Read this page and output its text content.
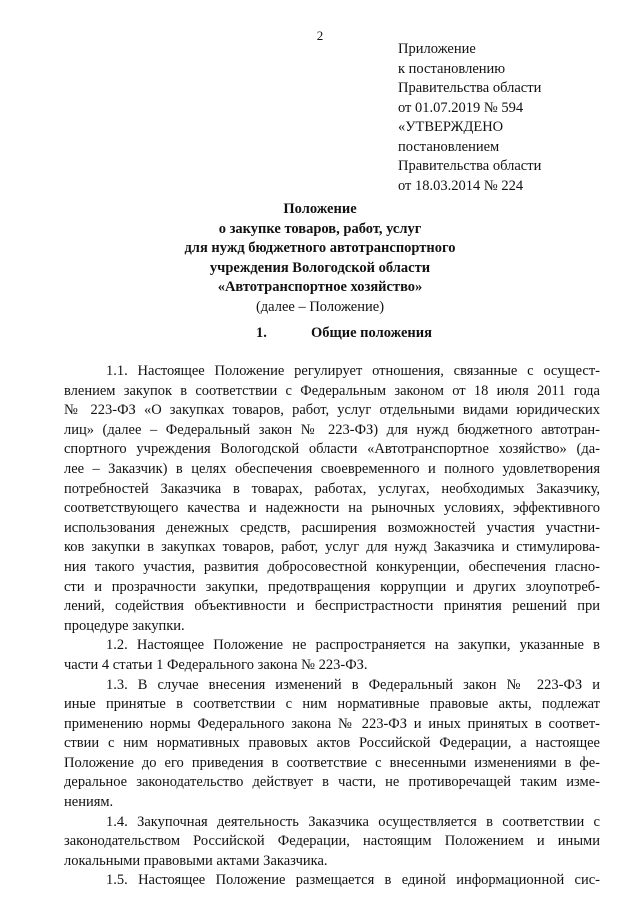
2
Приложение
к постановлению
Правительства области
от 01.07.2019 № 594
«УТВЕРЖДЕНО
постановлением
Правительства области
от 18.03.2014 № 224
Положение
о закупке товаров, работ, услуг
для нужд бюджетного автотранспортного
учреждения Вологодской области
«Автотранспортное хозяйство»
(далее – Положение)
1.	Общие положения
1.1. Настоящее Положение регулирует отношения, связанные с осущест-
влением закупок в соответствии с Федеральным законом от 18 июля 2011 года
№ 223-ФЗ «О закупках товаров, работ, услуг отдельными видами юридических
лиц» (далее – Федеральный закон № 223-ФЗ) для нужд бюджетного автотран-
спортного учреждения Вологодской области «Автотранспортное хозяйство» (да-
лее – Заказчик) в целях обеспечения своевременного и полного удовлетворения
потребностей Заказчика в товарах, работах, услугах, необходимых Заказчику,
соответствующего качества и надежности на рыночных условиях, эффективного
использования денежных средств, расширения возможностей участия участни-
ков закупки в закупках товаров, работ, услуг для нужд Заказчика и стимулирова-
ния такого участия, развития добросовестной конкуренции, обеспечения гласно-
сти и прозрачности закупки, предотвращения коррупции и других злоупотреб-
лений, содействия объективности и беспристрастности принятия решений при
процедуре закупки.
1.2. Настоящее Положение не распространяется на закупки, указанные в
части 4 статьи 1 Федерального закона № 223-ФЗ.
1.3. В случае внесения изменений в Федеральный закон № 223-ФЗ и
иные принятые в соответствии с ним нормативные правовые акты, подлежат
применению нормы Федерального закона № 223-ФЗ и иных принятых в соответ-
ствии с ним нормативных правовых актов Российской Федерации, а настоящее
Положение до его приведения в соответствие с внесенными изменениями в фе-
деральное законодательство действует в части, не противоречащей таким изме-
нениям.
1.4. Закупочная деятельность Заказчика осуществляется в соответствии с
законодательством Российской Федерации, настоящим Положением и иными
локальными правовыми актами Заказчика.
1.5. Настоящее Положение размещается в единой информационной сис-
